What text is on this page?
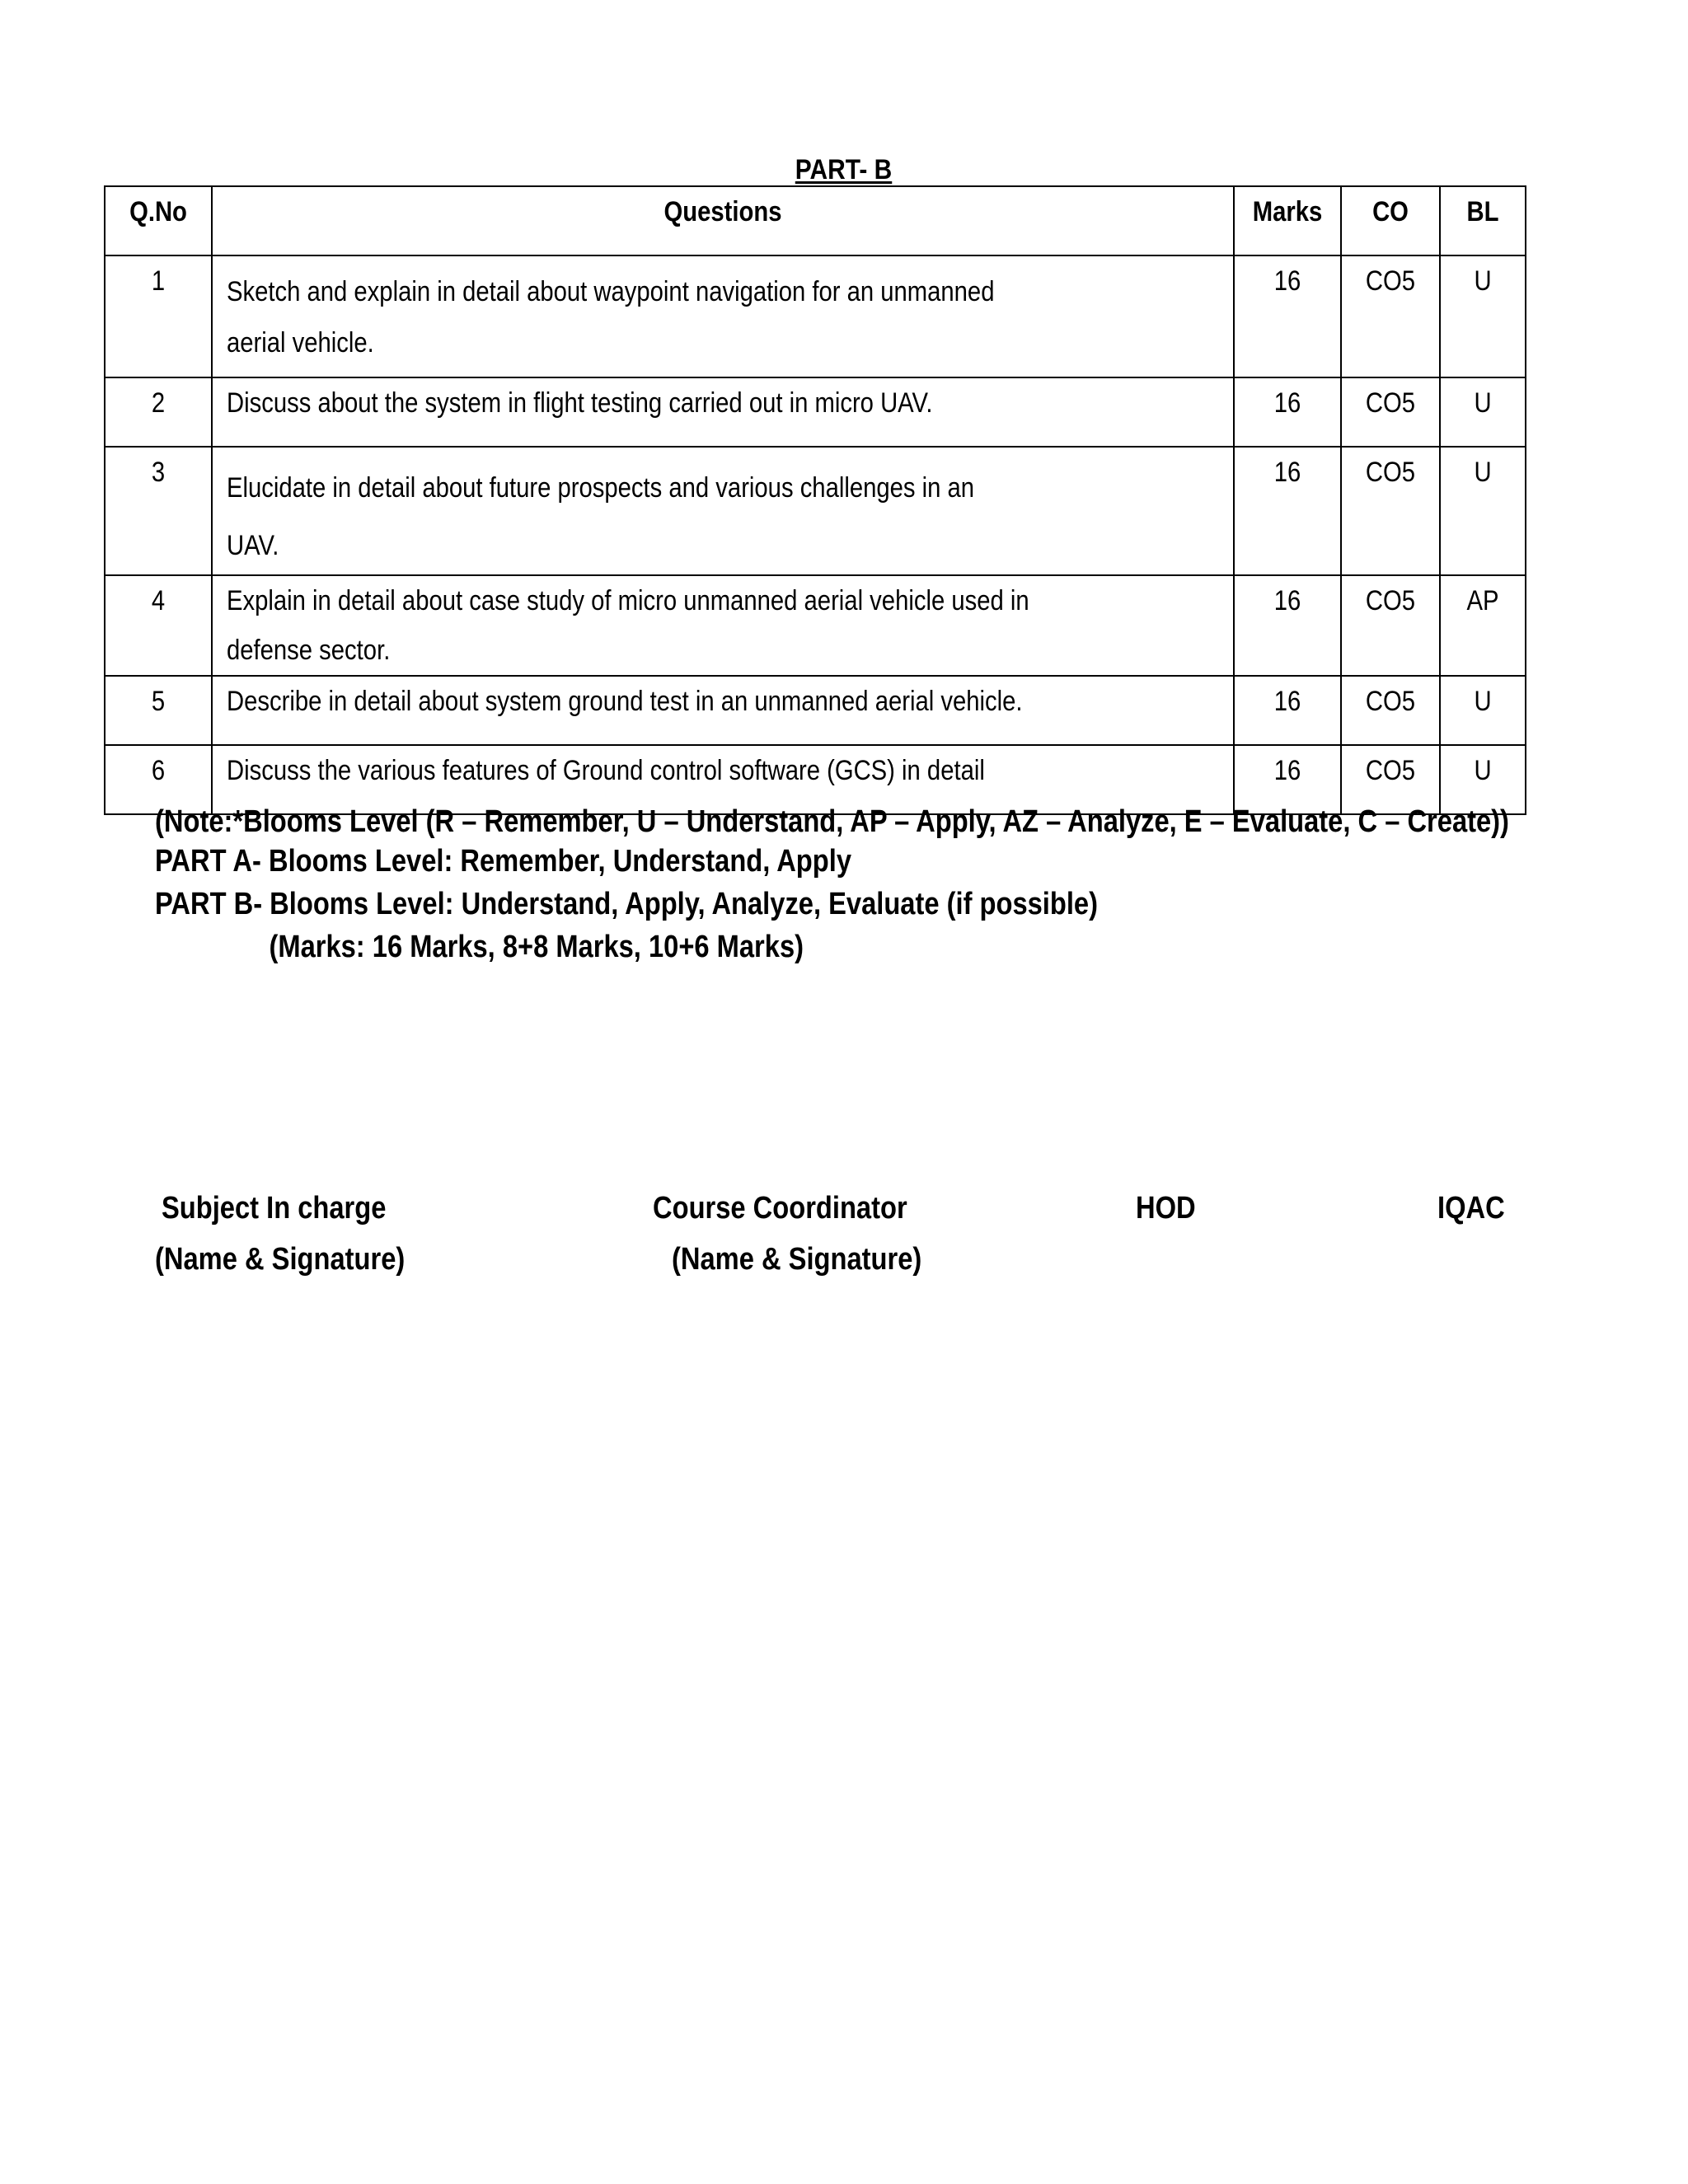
PART- B
Q.No	Questions	Marks	CO	BL

1	Sketch and explain in detail about waypoint navigation for an unmanned
aerial vehicle.	16	CO5	U

2	Discuss about the system in flight testing carried out in micro UAV.	16	CO5	U

3	Elucidate in detail about future prospects and various challenges in an
UAV.	16	CO5	U

4	Explain in detail about case study of micro unmanned aerial vehicle used in defense sector.	16	CO5	AP

5	Describe in detail about system ground test in an unmanned aerial vehicle.	16	CO5	U

6	Discuss the various features of Ground control software (GCS) in detail	16	CO5	U
(Note:*Blooms Level (R – Remember, U – Understand, AP – Apply, AZ – Analyze, E – Evaluate, C – Create))
PART A- Blooms Level: Remember, Understand, Apply
PART B- Blooms Level: Understand, Apply, Analyze, Evaluate (if possible)
(Marks: 16 Marks, 8+8 Marks, 10+6 Marks)
Subject In charge
(Name & Signature)
Course Coordinator
(Name & Signature)
HOD	IQAC
